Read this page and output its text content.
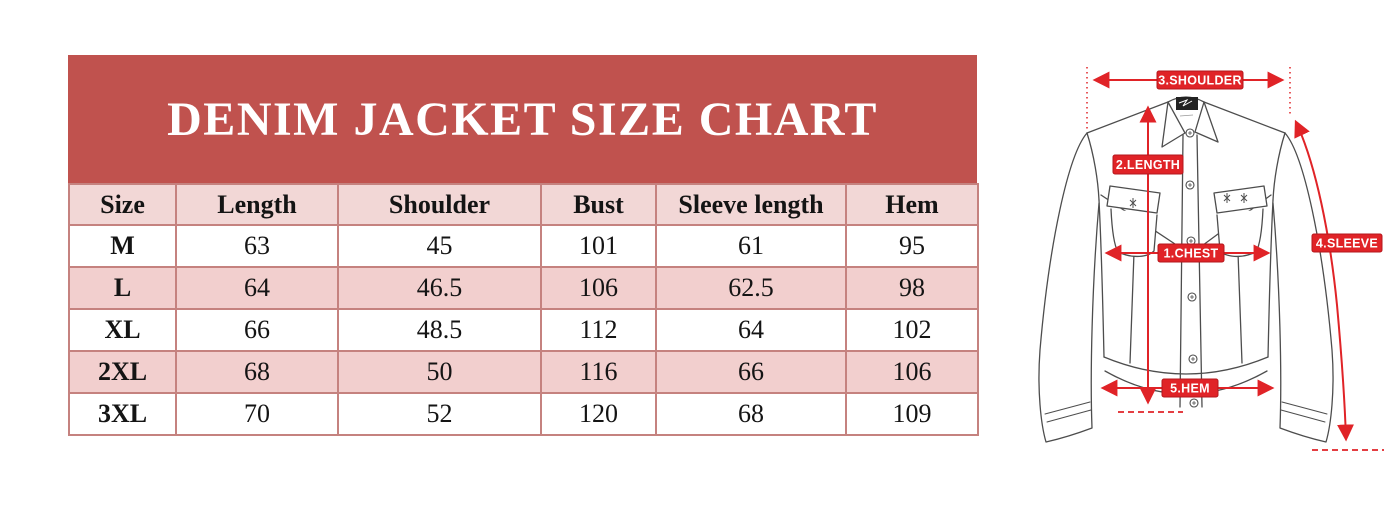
DENIM JACKET SIZE CHART
Size	Length	Shoulder	Bust	Sleeve length	Hem
M	63	45	101	61	95
L	64	46.5	106	62.5	98
XL	66	48.5	112	64	102
2XL	68	50	116	66	106
3XL	70	52	120	68	109
3.SHOULDER
2.LENGTH
1.CHEST
4.SLEEVE
5.HEM
